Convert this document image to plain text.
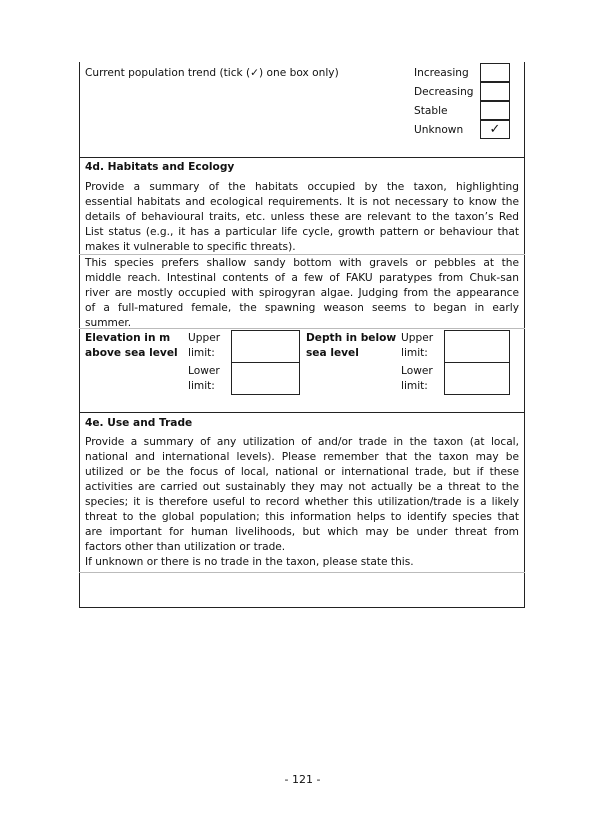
Current population trend (tick (✓) one box only)	Increasing
Decreasing
Stable
Unknown	✓
4d. Habitats and Ecology
Provide a summary of the habitats occupied by the taxon, highlighting
essential habitats and ecological requirements. It is not necessary to know the
details of behavioural traits, etc. unless these are relevant to the taxon’s Red
List status (e.g., it has a particular life cycle, growth pattern or behaviour that
makes it vulnerable to specific threats).
This species prefers shallow sandy bottom with gravels or pebbles at the
middle reach. Intestinal contents of a few of FAKU paratypes from Chuk-san
river are mostly occupied with spirogyran algae. Judging from the appearance
of a full-matured female, the spawning weason seems to began in early
summer.
Elevation in m
above sea level
Upper
limit:
Lower
limit:
Depth in below
sea level
Upper
limit:
Lower
limit:
4e. Use and Trade
Provide a summary of any utilization of and/or trade in the taxon (at local,
national and international levels). Please remember that the taxon may be
utilized or be the focus of local, national or international trade, but if these
activities are carried out sustainably they may not actually be a threat to the
species; it is therefore useful to record whether this utilization/trade is a likely
threat to the global population; this information helps to identify species that
are important for human livelihoods, but which may be under threat from
factors other than utilization or trade.
If unknown or there is no trade in the taxon, please state this.
- 121 -
